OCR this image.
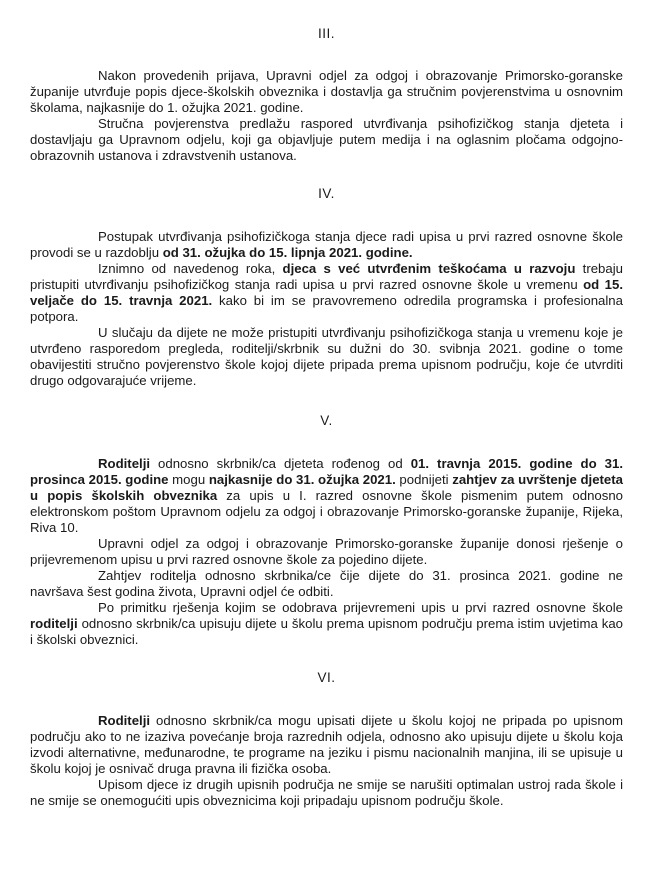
III.

Nakon provedenih prijava, Upravni odjel za odgoj i obrazovanje Primorsko-goranske županije utvrđuje popis djece-školskih obveznika i dostavlja ga stručnim povjerenstvima u osnovnim školama, najkasnije do 1. ožujka 2021. godine.

Stručna povjerenstva predlažu raspored utvrđivanja psihofizičkog stanja djeteta i dostavljaju ga Upravnom odjelu, koji ga objavljuje putem medija i na oglasnim pločama odgojno-obrazovnih ustanova i zdravstvenih ustanova.

IV.

Postupak utvrđivanja psihofizičkoga stanja djece radi upisa u prvi razred osnovne škole provodi se u razdoblju od 31. ožujka do 15. lipnja 2021. godine.

Iznimno od navedenog roka, djeca s već utvrđenim teškoćama u razvoju trebaju pristupiti utvrđivanju psihofizičkog stanja radi upisa u prvi razred osnovne škole u vremenu od 15. veljače do 15. travnja 2021. kako bi im se pravovremeno odredila programska i profesionalna potpora.

U slučaju da dijete ne može pristupiti utvrđivanju psihofizičkoga stanja u vremenu koje je utvrđeno rasporedom pregleda, roditelji/skrbnik su dužni do 30. svibnja 2021. godine o tome obavijestiti stručno povjerenstvo škole kojoj dijete pripada prema upisnom području, koje će utvrditi drugo odgovarajuće vrijeme.

V.

Roditelji odnosno skrbnik/ca djeteta rođenog od 01. travnja 2015. godine do 31. prosinca 2015. godine mogu najkasnije do 31. ožujka 2021. podnijeti zahtjev za uvrštenje djeteta u popis školskih obveznika za upis u I. razred osnovne škole pismenim putem odnosno elektronskom poštom Upravnom odjelu za odgoj i obrazovanje Primorsko-goranske županije, Rijeka, Riva 10.

Upravni odjel za odgoj i obrazovanje Primorsko-goranske županije donosi rješenje o prijevremenom upisu u prvi razred osnovne škole za pojedino dijete.

Zahtjev roditelja odnosno skrbnika/ce čije dijete do 31. prosinca 2021. godine ne navršava šest godina života, Upravni odjel će odbiti.

Po primitku rješenja kojim se odobrava prijevremeni upis u prvi razred osnovne škole roditelji odnosno skrbnik/ca upisuju dijete u školu prema upisnom području prema istim uvjetima kao i školski obveznici.

VI.

Roditelji odnosno skrbnik/ca mogu upisati dijete u školu kojoj ne pripada po upisnom području ako to ne izaziva povećanje broja razrednih odjela, odnosno ako upisuju dijete u školu koja izvodi alternativne, međunarodne, te programe na jeziku i pismu nacionalnih manjina, ili se upisuje u školu kojoj je osnivač druga pravna ili fizička osoba.

Upisom djece iz drugih upisnih područja ne smije se narušiti optimalan ustroj rada škole i ne smije se onemogućiti upis obveznicima koji pripadaju upisnom području škole.
